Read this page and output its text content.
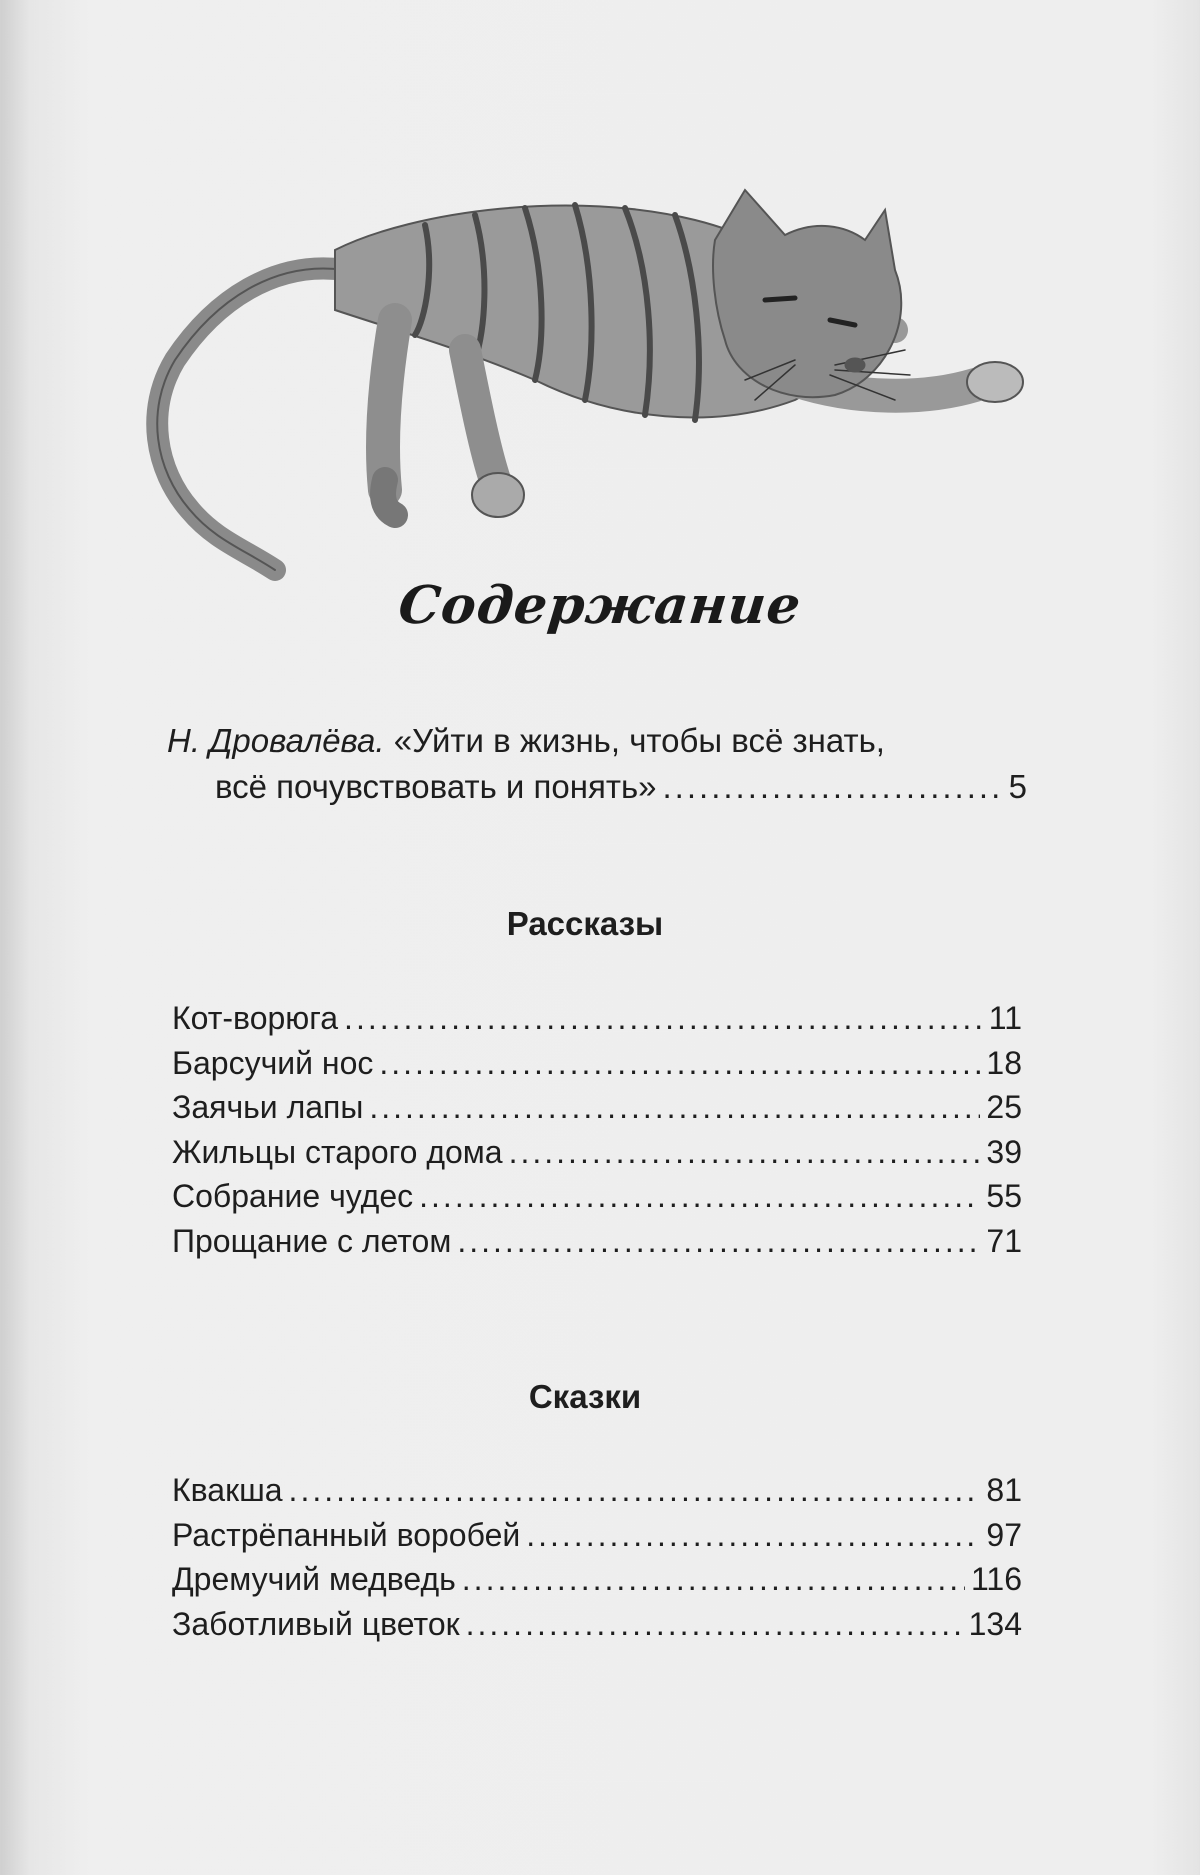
Содержание
Н. Дровалёва. «Уйти в жизнь, чтобы всё знать,
всё почувствовать и понять» .....	5
Рассказы
Кот-ворюга .....	11
Барсучий нос .....	18
Заячьи лапы .....	25
Жильцы старого дома .....	39
Собрание чудес .....	55
Прощание с летом .....	71
Сказки
Квакша .....	81
Растрёпанный воробей .....	97
Дремучий медведь .....	116
Заботливый цветок .....	134
